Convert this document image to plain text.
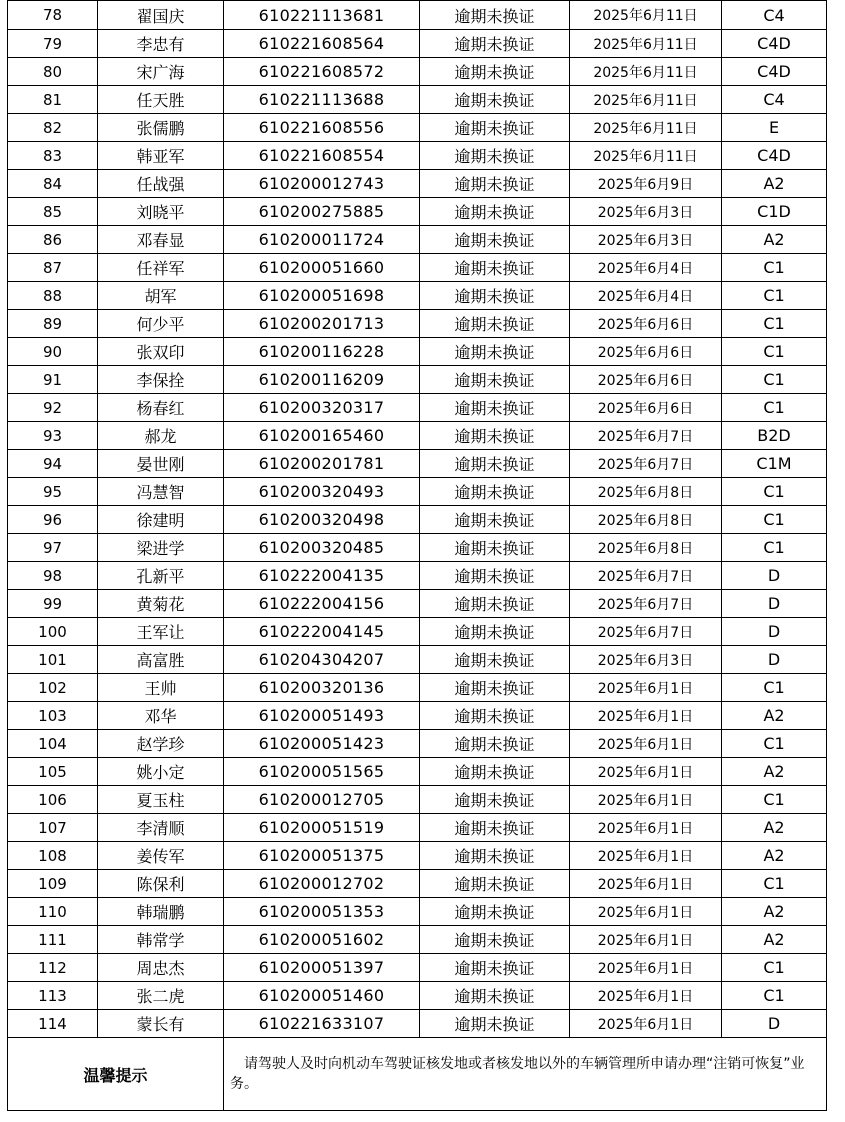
78	翟国庆	610221113681	逾期未换证	2025年6月11日	C4
79	李忠有	610221608564	逾期未换证	2025年6月11日	C4D
80	宋广海	610221608572	逾期未换证	2025年6月11日	C4D
81	任天胜	610221113688	逾期未换证	2025年6月11日	C4
82	张儒鹏	610221608556	逾期未换证	2025年6月11日	E
83	韩亚军	610221608554	逾期未换证	2025年6月11日	C4D
84	任战强	610200012743	逾期未换证	2025年6月9日	A2
85	刘晓平	610200275885	逾期未换证	2025年6月3日	C1D
86	邓春显	610200011724	逾期未换证	2025年6月3日	A2
87	任祥军	610200051660	逾期未换证	2025年6月4日	C1
88	胡军	610200051698	逾期未换证	2025年6月4日	C1
89	何少平	610200201713	逾期未换证	2025年6月6日	C1
90	张双印	610200116228	逾期未换证	2025年6月6日	C1
91	李保拴	610200116209	逾期未换证	2025年6月6日	C1
92	杨春红	610200320317	逾期未换证	2025年6月6日	C1
93	郝龙	610200165460	逾期未换证	2025年6月7日	B2D
94	晏世刚	610200201781	逾期未换证	2025年6月7日	C1M
95	冯慧智	610200320493	逾期未换证	2025年6月8日	C1
96	徐建明	610200320498	逾期未换证	2025年6月8日	C1
97	梁进学	610200320485	逾期未换证	2025年6月8日	C1
98	孔新平	610222004135	逾期未换证	2025年6月7日	D
99	黄菊花	610222004156	逾期未换证	2025年6月7日	D
100	王军让	610222004145	逾期未换证	2025年6月7日	D
101	高富胜	610204304207	逾期未换证	2025年6月3日	D
102	王帅	610200320136	逾期未换证	2025年6月1日	C1
103	邓华	610200051493	逾期未换证	2025年6月1日	A2
104	赵学珍	610200051423	逾期未换证	2025年6月1日	C1
105	姚小定	610200051565	逾期未换证	2025年6月1日	A2
106	夏玉柱	610200012705	逾期未换证	2025年6月1日	C1
107	李清顺	610200051519	逾期未换证	2025年6月1日	A2
108	姜传军	610200051375	逾期未换证	2025年6月1日	A2
109	陈保利	610200012702	逾期未换证	2025年6月1日	C1
110	韩瑞鹏	610200051353	逾期未换证	2025年6月1日	A2
111	韩常学	610200051602	逾期未换证	2025年6月1日	A2
112	周忠杰	610200051397	逾期未换证	2025年6月1日	C1
113	张二虎	610200051460	逾期未换证	2025年6月1日	C1
114	蒙长有	610221633107	逾期未换证	2025年6月1日	D
温馨提示		请驾驶人及时向机动车驾驶证核发地或者核发地以外的车辆管理所申请办理“注销可恢复”业务。			
